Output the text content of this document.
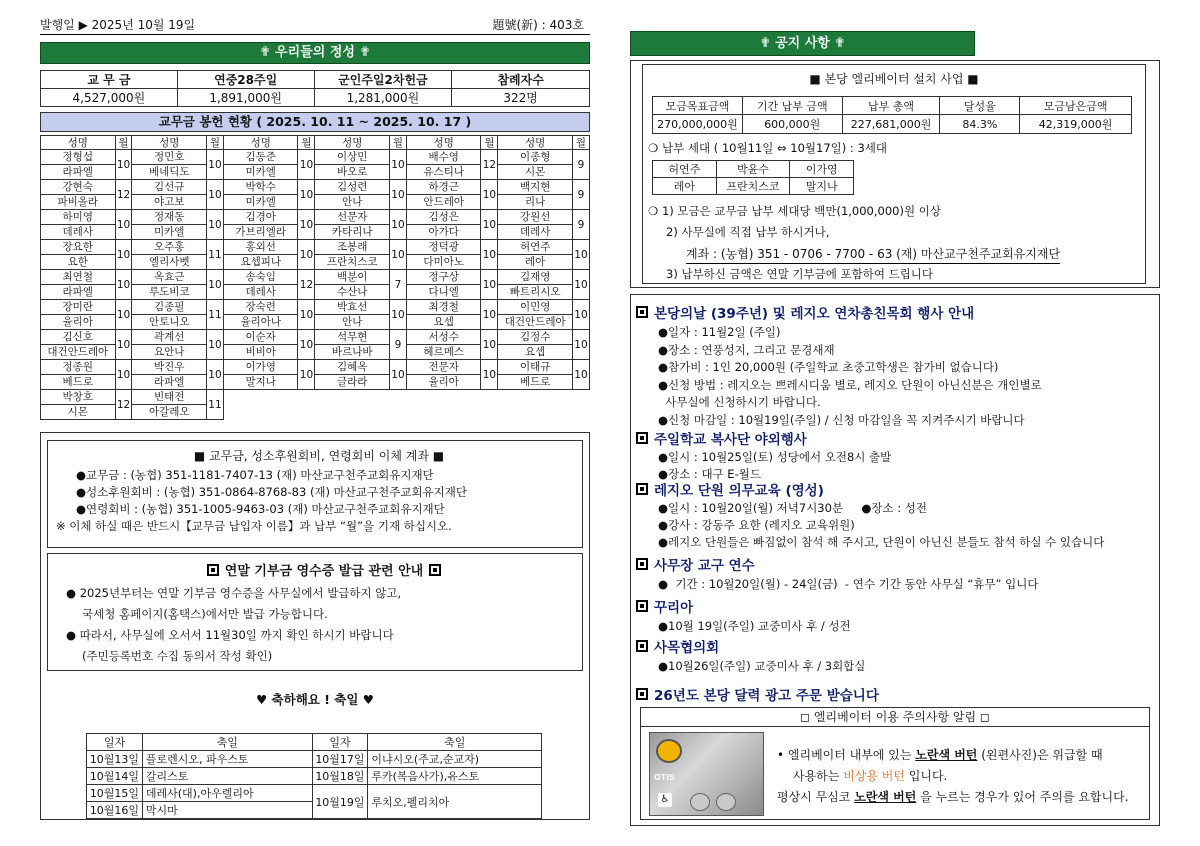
발행일 ▶ 2025년 10월 19일	題號(新) : 403호
✟ 우리들의 정성 ✟
교 무 금	연중28주일	군인주일2차헌금	참례자수
4,527,000원	1,891,000원	1,281,000원	322명
교무금 봉헌 현황 ( 2025. 10. 11 ~ 2025. 10. 17 )
성명	월	성명	월	성명	월	성명	월	성명	월	성명	월
정형섭	10	정민호	10	김동준	10	이상민	10	배수영	12	이종형	9
라파엘		베네딕도		미카엘		바오로		유스티나		시몬	
강현숙	12	김선규	10	박학수	10	김성련	10	하경근	10	백지현	9
파비올라		야고보		미카엘		안나		안드레아		리나	
하미영	10	정재동	10	김경아	10	선문자	10	김성은	10	강원선	9
데레사		미카엘		가브리엘라		카타리나		아가다		데레사	
장요한	10	오주홍	11	홍외선	10	조봉래	10	정덕광	10	허연주	10
요한		엘리사벳		요셉피나		프란치스코		다미아노		레아	
최연철	10	옥효근	10	송숙임	12	백분이	7	정구상	10	김재영	10
라파엘		루도비코		데레사		수산나		다니엘		빠트리시오	
장미란	10	김종필	11	장숙련	10	박효선	10	최경철	10	이민영	10
율리아		안토니오		율리아나		안나		요셉		대건안드레아	
김신호	10	곽계선	10	이순자	10	석무현	9	서성수	10	김정수	10
대건안드레아		요안나		비비아		바르나바		헤르메스		요셉	
정종원	10	박진우	10	이가영	10	김혜옥	10	전문자	10	이태규	10
베드로		라파엘		말지나		글라라		율리아		베드로	
박창호	12	빈태전	11								
시몬		아갈레오									
■ 교무금, 성소후원회비, 연령회비 이체 계좌 ■
●교무금 : (농협) 351-1181-7407-13 (재) 마산교구천주교회유지재단
●성소후원회비 : (농협) 351-0864-8768-83 (재) 마산교구천주교회유지재단
●연령회비 : (농협) 351-1005-9463-03 (재) 마산교구천주교회유지재단
※ 이체 하실 때은 반드시【교무금 납입자 이름】과 납부 “월”을 기재 하십시오.
연말 기부금 영수증 발급 관련 안내
● 2025년부터는 연말 기부금 영수증을 사무실에서 발급하지 않고,
국세청 홈페이지(홈택스)에서만 발급 가능합니다.
● 따라서, 사무실에 오서서 11월30일 까지 확인 하시기 바랍니다
(주민등록번호 수집 동의서 작성 확인)
♥ 축하해요 ! 축일 ♥
일자	축일	일자	축일
10월13일	플로렌시오, 파우스토	10월17일	이냐시오(주교,순교자)
10월14일	갈리스토	10월18일	루카(복음사가),유스토
10월15일	데레사(대),아우렐리아	10월19일	루치오,펠리치아
10월16일	막시마		
✟ 공지 사항 ✟
■ 본당 엘리베이터 설치 사업 ■
모금목표금액	기간 납부 금액	납부 총액	달성율	모금남은금액
270,000,000원	600,000원	227,681,000원	84.3%	42,319,000원
❍ 납부 세대 ( 10월11일 ⇔ 10월17일) : 3세대
허연주	박윤수	이가영
레아	프란치스코	말지나
❍ 1) 모금은 교무금 납부 세대당 백만(1,000,000)원 이상
2) 사무실에 직접 납부 하시거나,
계좌 : (농협) 351 - 0706 - 7700 - 63 (재) 마산교구천주교회유지재단
3) 납부하신 금액은 연말 기부금에 포함하여 드립니다
본당의날 (39주년) 및 레지오 연차총친목회 행사 안내
●일자 : 11월2일 (주일)
●장소 : 연풍성지, 그리고 문경새재
●참가비 : 1인 20,000원 (주일학교 초중고학생은 참가비 없습니다)
●신청 방법 : 레지오는 쁘레시디움 별로, 레지오 단원이 아닌신분은 개인별로
사무실에 신청하시기 바랍니다.
●신청 마감일 : 10월19일(주일) / 신청 마감일을 꼭 지켜주시기 바랍니다
주일학교 복사단 야외행사
●일시 : 10월25일(토) 성당에서 오전8시 출발
●장소 : 대구 E-월드
레지오 단원 의무교육 (영성)
●일시 : 10월20일(월) 저녁7시30분     ●장소 : 성전
●강사 : 강동주 요한 (레지오 교육위원)
●레지오 단원들은 빠짐없이 참석 해 주시고, 단원이 아닌신 분들도 참석 하실 수 있습니다
사무장 교구 연수
●  기간 : 10월20일(월) - 24일(금)  - 연수 기간 동안 사무실 “휴무” 입니다
꾸리아
●10월 19일(주일) 교중미사 후 / 성전
사목협의회
●10월26일(주일) 교중미사 후 / 3회합실
26년도 본당 달력 광고 주문 받습니다
◻ 엘리베이터 이용 주의사항 알림 ◻
OTIS
♿
• 엘리베이터 내부에 있는 노란색 버턴 (왼편사진)은 위급할 때
사용하는 비상용 버턴 입니다.
평상시 무심코 노란색 버턴 을 누르는 경우가 있어 주의를 요합니다.
